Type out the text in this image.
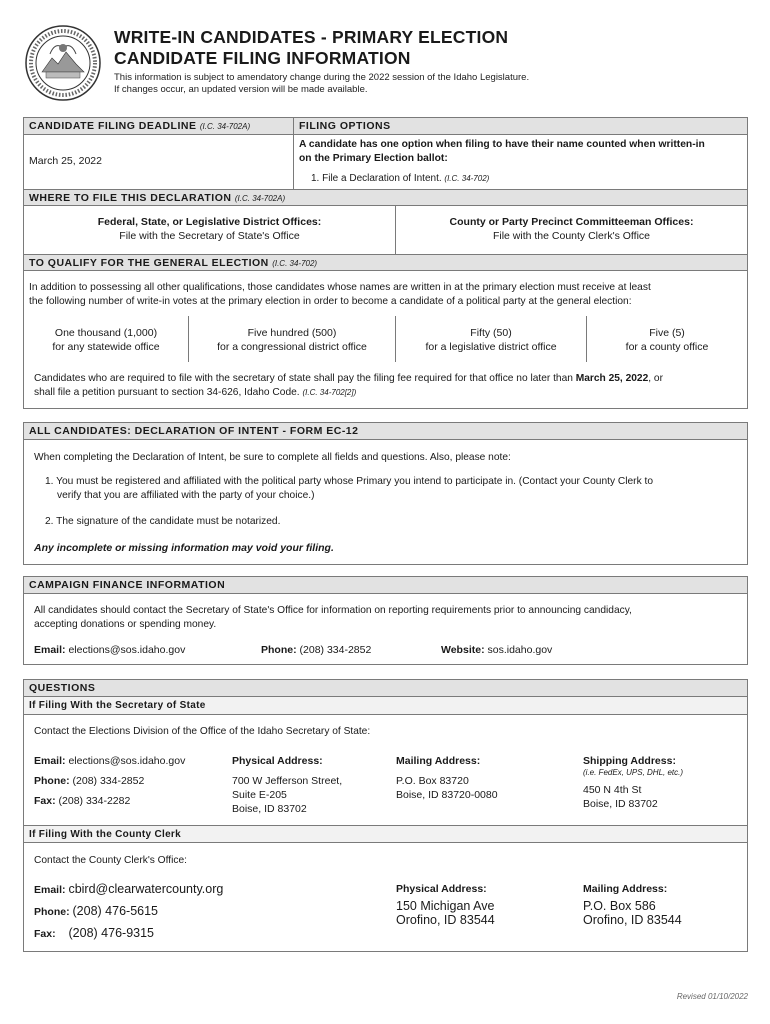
WRITE-IN CANDIDATES - PRIMARY ELECTION
CANDIDATE FILING INFORMATION
This information is subject to amendatory change during the 2022 session of the Idaho Legislature.
If changes occur, an updated version will be made available.
CANDIDATE FILING DEADLINE (I.C. 34-702A)	FILING OPTIONS
March 25, 2022
A candidate has one option when filing to have their name counted when written-in
on the Primary Election ballot:
1. File a Declaration of Intent. (I.C. 34-702)
WHERE TO FILE THIS DECLARATION (I.C. 34-702A)
Federal, State, or Legislative District Offices:
File with the Secretary of State's Office
County or Party Precinct Committeeman Offices:
File with the County Clerk's Office
TO QUALIFY FOR THE GENERAL ELECTION (I.C. 34-702)
In addition to possessing all other qualifications, those candidates whose names are written in at the primary election must receive at least
the following number of write-in votes at the primary election in order to become a candidate of a political party at the general election:
One thousand (1,000)
for any statewide office
Five hundred (500)
for a congressional district office
Fifty (50)
for a legislative district office
Five (5)
for a county office
Candidates who are required to file with the secretary of state shall pay the filing fee required for that office no later than March 25, 2022, or
shall file a petition pursuant to section 34-626, Idaho Code. (I.C. 34-702[2])
ALL CANDIDATES: DECLARATION OF INTENT - FORM EC-12
When completing the Declaration of Intent, be sure to complete all fields and questions. Also, please note:
1. You must be registered and affiliated with the political party whose Primary you intend to participate in. (Contact your County Clerk to
verify that you are affiliated with the party of your choice.)
2. The signature of the candidate must be notarized.
Any incomplete or missing information may void your filing.
CAMPAIGN FINANCE INFORMATION
All candidates should contact the Secretary of State's Office for information on reporting requirements prior to announcing candidacy,
accepting donations or spending money.
Email: elections@sos.idaho.gov	Phone: (208) 334-2852	Website: sos.idaho.gov
QUESTIONS
If Filing With the Secretary of State
Contact the Elections Division of the Office of the Idaho Secretary of State:
Email: elections@sos.idaho.gov
Phone: (208) 334-2852
Fax: (208) 334-2282
Physical Address:
700 W Jefferson Street,
Suite E-205
Boise, ID 83702
Mailing Address:
P.O. Box 83720
Boise, ID 83720-0080
Shipping Address:
(i.e. FedEx, UPS, DHL, etc.)
450 N 4th St
Boise, ID 83702
If Filing With the County Clerk
Contact the County Clerk's Office:
Email: cbird@clearwatercounty.org
Phone: (208) 476-5615
Fax: (208) 476-9315
Physical Address:
150 Michigan Ave
Orofino, ID 83544
Mailing Address:
P.O. Box 586
Orofino, ID 83544
Revised 01/10/2022
